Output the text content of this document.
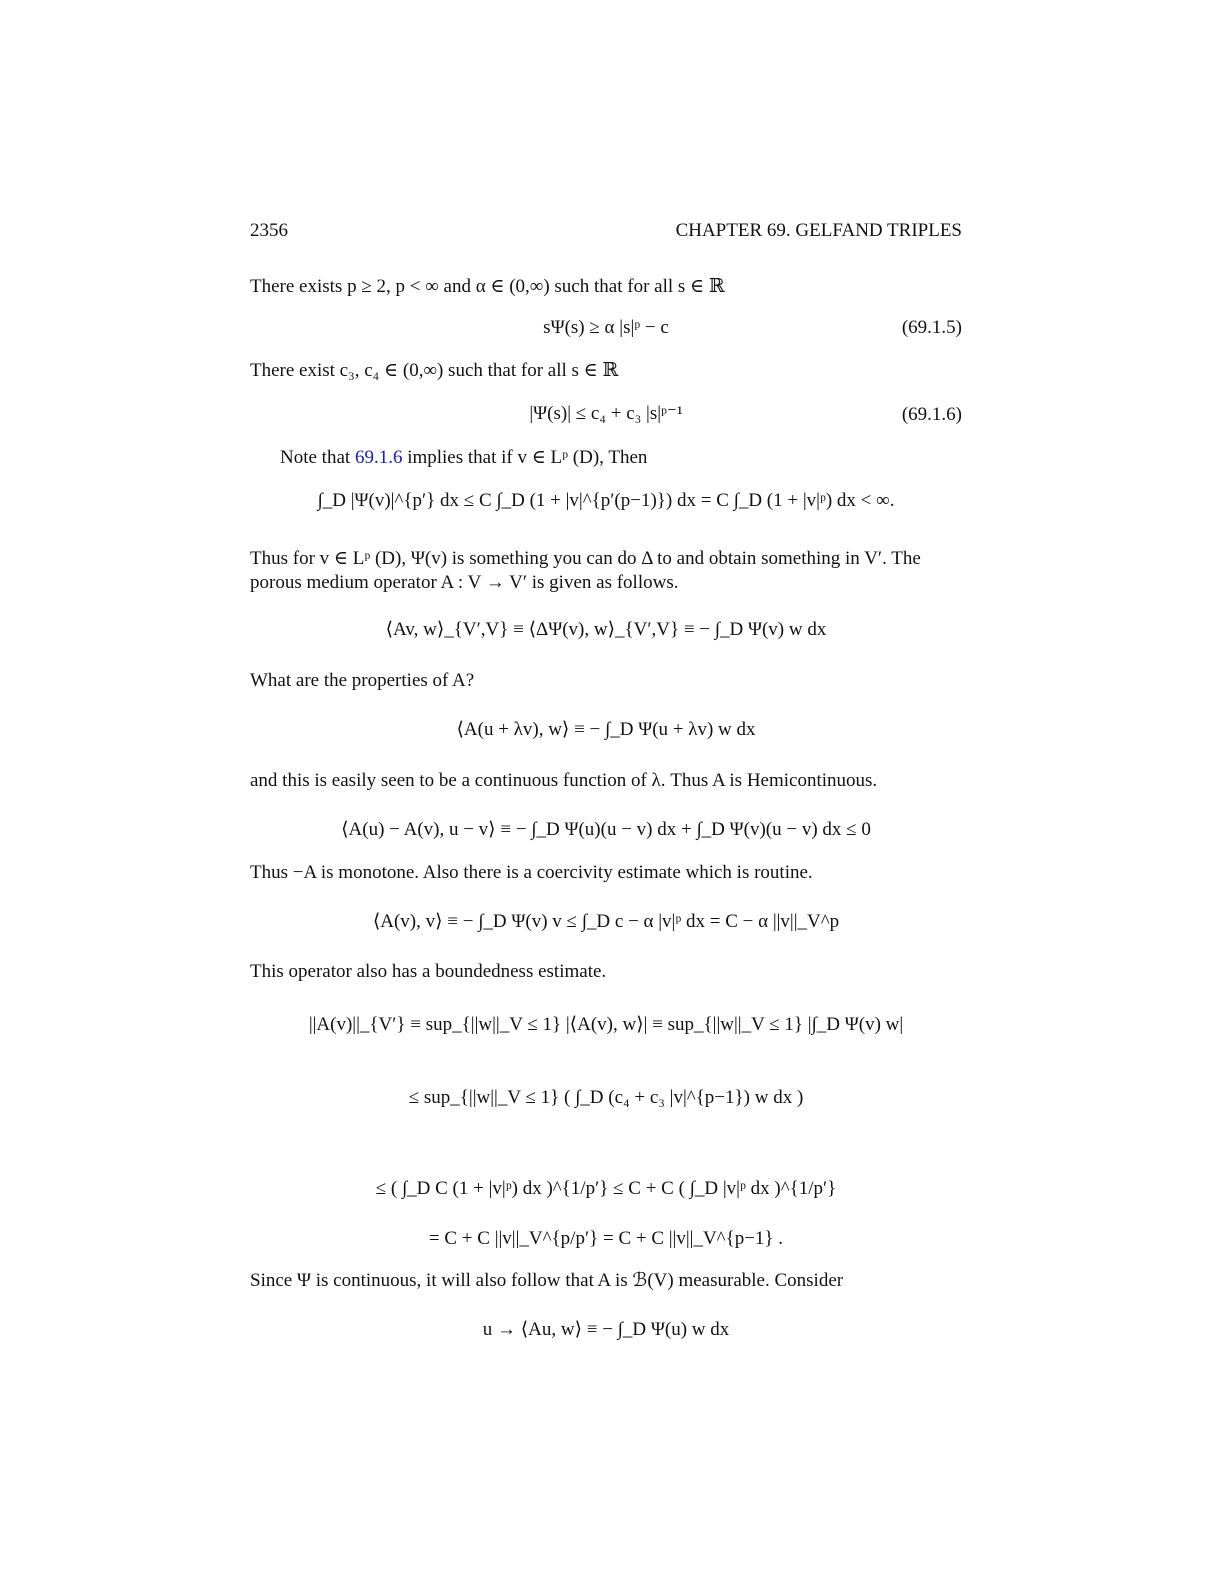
2356	CHAPTER 69. GELFAND TRIPLES
There exists p ≥ 2, p < ∞ and α ∈ (0,∞) such that for all s ∈ ℝ
sΨ(s) ≥ α |s|ᵖ − c	(69.1.5)
There exist c₃, c₄ ∈ (0,∞) such that for all s ∈ ℝ
|Ψ(s)| ≤ c₄ + c₃ |s|ᵖ⁻¹	(69.1.6)
Note that 69.1.6 implies that if v ∈ Lᵖ (D), Then
∫_D |Ψ(v)|^{p′} dx ≤ C ∫_D (1 + |v|^{p′(p−1)}) dx = C ∫_D (1 + |v|ᵖ) dx < ∞.
Thus for v ∈ Lᵖ (D), Ψ(v) is something you can do Δ to and obtain something in V′. The porous medium operator A : V → V′ is given as follows.
⟨Av, w⟩_{V′,V} ≡ ⟨ΔΨ(v), w⟩_{V′,V} ≡ − ∫_D Ψ(v) w dx
What are the properties of A?
⟨A(u + λv), w⟩ ≡ − ∫_D Ψ(u + λv) w dx
and this is easily seen to be a continuous function of λ. Thus A is Hemicontinuous.
⟨A(u) − A(v), u − v⟩ ≡ − ∫_D Ψ(u)(u − v) dx + ∫_D Ψ(v)(u − v) dx ≤ 0
Thus −A is monotone. Also there is a coercivity estimate which is routine.
⟨A(v), v⟩ ≡ − ∫_D Ψ(v) v ≤ ∫_D c − α |v|ᵖ dx = C − α ||v||_V^p
This operator also has a boundedness estimate.
||A(v)||_{V′} ≡ sup_{||w||_V ≤ 1} |⟨A(v), w⟩| ≡ sup_{||w||_V ≤ 1} |∫_D Ψ(v) w|
≤ sup_{||w||_V ≤ 1} ( ∫_D (c₄ + c₃ |v|^{p−1}) w dx )
≤ ( ∫_D C (1 + |v|ᵖ) dx )^{1/p′} ≤ C + C ( ∫_D |v|ᵖ dx )^{1/p′}
= C + C ||v||_V^{p/p′} = C + C ||v||_V^{p−1} .
Since Ψ is continuous, it will also follow that A is ℬ(V) measurable. Consider
u → ⟨Au, w⟩ ≡ − ∫_D Ψ(u) w dx
